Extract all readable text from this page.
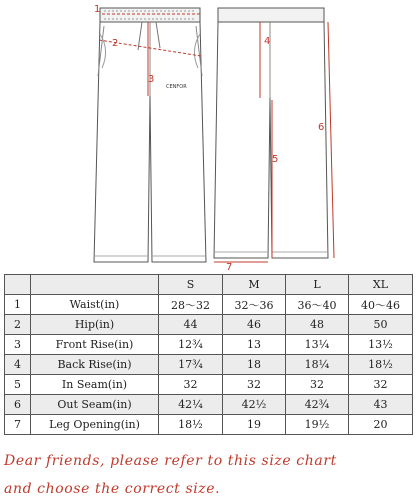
CENFOR
1
2
3
4
5
6
7
		S	M	L	XL
1	Waist(in)	28～32	32～36	36～40	40～46
2	Hip(in)	44	46	48	50
3	Front Rise(in)	12¾	13	13¼	13½
4	Back Rise(in)	17¾	18	18¼	18½
5	In Seam(in)	32	32	32	32
6	Out Seam(in)	42¼	42½	42¾	43
7	Leg Opening(in)	18½	19	19½	20

Dear friends, please refer to this size chart

and choose the correct size.
